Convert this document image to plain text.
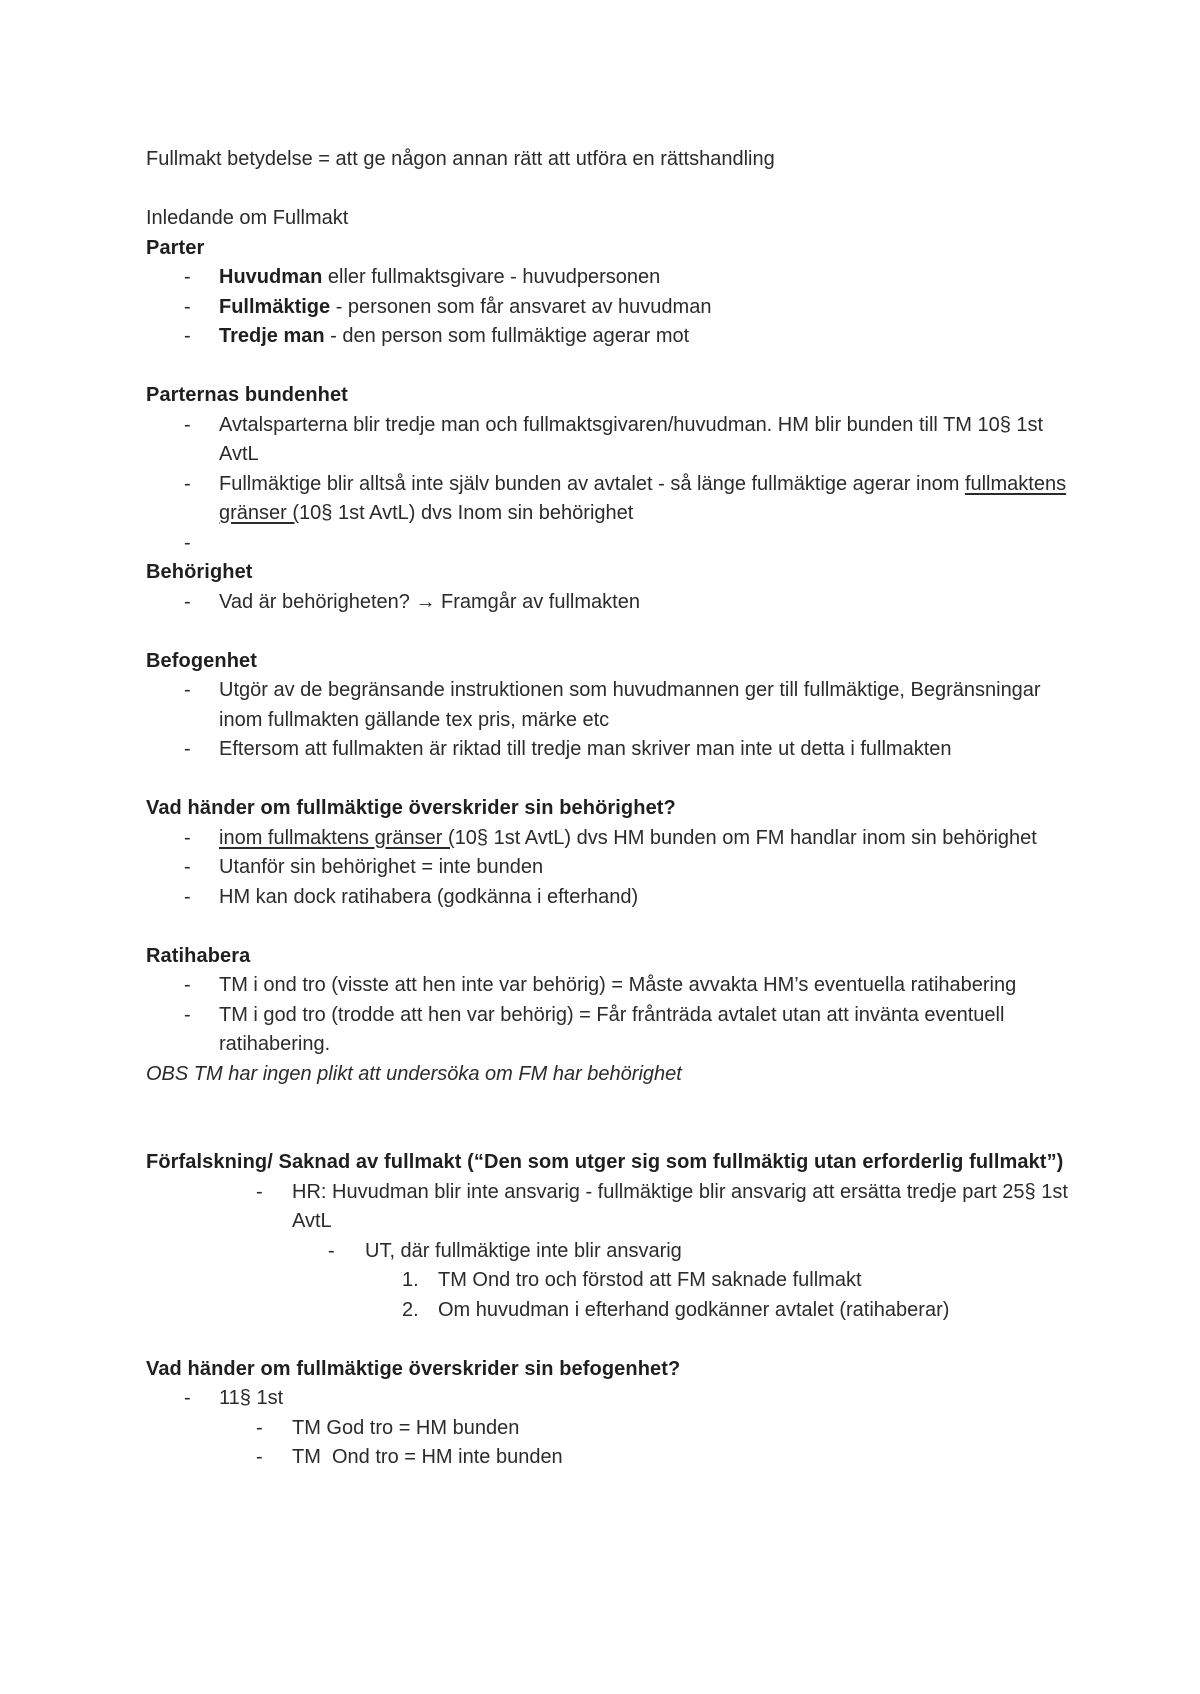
Fullmakt betydelse = att ge någon annan rätt att utföra en rättshandling

Inledande om Fullmakt

Parter

- Huvudman eller fullmaktsgivare - huvudpersonen
- Fullmäktige - personen som får ansvaret av huvudman
- Tredje man - den person som fullmäktige agerar mot

Parternas bundenhet

- Avtalsparterna blir tredje man och fullmaktsgivaren/huvudman. HM blir bunden till TM 10§ 1st AvtL
- Fullmäktige blir alltså inte själv bunden av avtalet - så länge fullmäktige agerar inom fullmaktens gränser (10§ 1st AvtL) dvs Inom sin behörighet
-

Behörighet

- Vad är behörigheten? → Framgår av fullmakten

Befogenhet

- Utgör av de begränsande instruktionen som huvudmannen ger till fullmäktige, Begränsningar inom fullmakten gällande tex pris, märke etc
- Eftersom att fullmakten är riktad till tredje man skriver man inte ut detta i fullmakten

Vad händer om fullmäktige överskrider sin behörighet?

- inom fullmaktens gränser (10§ 1st AvtL) dvs HM bunden om FM handlar inom sin behörighet
- Utanför sin behörighet = inte bunden
- HM kan dock ratihabera (godkänna i efterhand)

Ratihabera

- TM i ond tro (visste att hen inte var behörig) = Måste avvakta HM’s eventuella ratihabering
- TM i god tro (trodde att hen var behörig) = Får frånträda avtalet utan att invänta eventuell ratihabering.

OBS TM har ingen plikt att undersöka om FM har behörighet

Förfalskning/ Saknad av fullmakt (“Den som utger sig som fullmäktig utan erforderlig fullmakt”)

- HR: Huvudman blir inte ansvarig - fullmäktige blir ansvarig att ersätta tredje part 25§ 1st AvtL
- UT, där fullmäktige inte blir ansvarig
1. TM Ond tro och förstod att FM saknade fullmakt
2. Om huvudman i efterhand godkänner avtalet (ratihaberar)

Vad händer om fullmäktige överskrider sin befogenhet?

- 11§ 1st
- TM God tro = HM bunden
- TM  Ond tro = HM inte bunden
